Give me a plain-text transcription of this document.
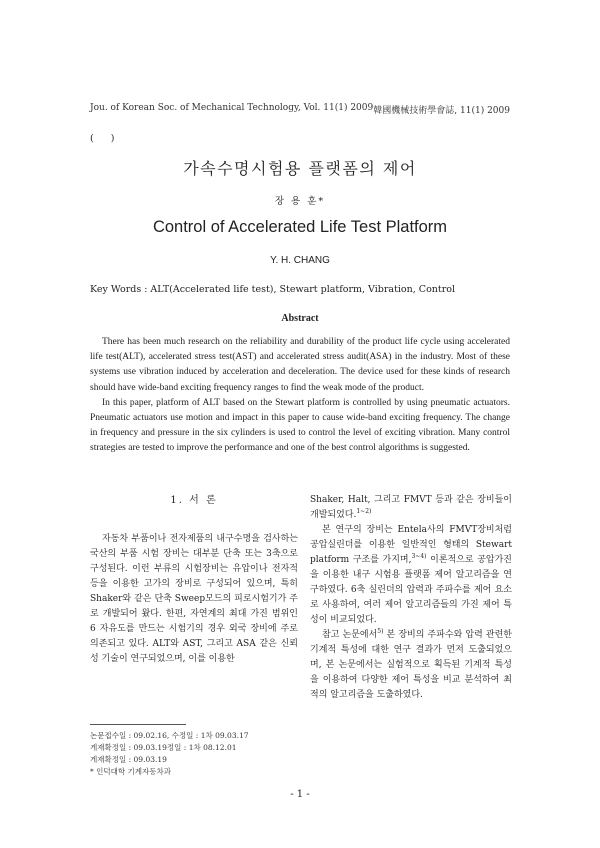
Jou. of Korean Soc. of Mechanical Technology, Vol. 11(1) 2009 韓國機械技術學會誌, 11(1) 2009
( )
가속수명시험용 플랫폼의 제어
장 용 훈*
Control of Accelerated Life Test Platform
Y. H. CHANG
Key Words : ALT(Accelerated life test), Stewart platform, Vibration, Control
Abstract

There has been much research on the reliability and durability of the product life cycle using accelerated life test(ALT), accelerated stress test(AST) and accelerated stress audit(ASA) in the industry. Most of these systems use vibration induced by acceleration and deceleration. The device used for these kinds of research should have wide-band exciting frequency ranges to find the weak mode of the product.

In this paper, platform of ALT based on the Stewart platform is controlled by using pneumatic actuators. Pneumatic actuators use motion and impact in this paper to cause wide-band exciting frequency. The change in frequency and pressure in the six cylinders is used to control the level of exciting vibration. Many control strategies are tested to improve the performance and one of the best control algorithms is suggested.

1. 서 론

자동차 부품이나 전자제품의 내구수명을 검사하는 국산의 부품 시험 장비는 대부분 단축 또는 3축으로 구성된다. 이런 부류의 시험장비는 유압이나 전자적 등을 이용한 고가의 장비로 구성되어 있으며, 특히 Shaker와 같은 단축 Sweep모드의 피로시험기가 주로 개발되어 왔다. 한편, 자연계의 최대 가진 범위인 6 자유도를 만드는 시험기의 경우 외국 장비에 주로 의존되고 있다. ALT와 AST, 그리고 ASA 같은 신뢰성 기술이 연구되었으며, 이를 이용한

Shaker, Halt, 그리고 FMVT 등과 같은 장비들이 개발되었다.$^{1\sim 2)}$

본 연구의 장비는 Entela사의 FMVT장비처럼 공압실린더를 이용한 일반적인 형태의 Stewart platform 구조를 가지며,$^{3\sim 4)}$ 이론적으로 공압가진을 이용한 내구 시험용 플랫폼 제어 알고리즘을 연구하였다. 6축 실린더의 압력과 주파수를 제어 요소로 사용하여, 여러 제어 알고리즘들의 가진 제어 특성이 비교되었다.

참고 논문에서$^{5)}$ 본 장비의 주파수와 압력 관련한 기계적 특성에 대한 연구 결과가 먼저 도출되었으며, 본 논문에서는 실험적으로 획득된 기계적 특성을 이용하여 다양한 제어 특성을 비교 분석하여 최적의 알고리즘을 도출하였다.

논문접수일 : 09.02.16, 수정일 : 1차 09.03.17
게재확정일 : 09.03.19정일 : 1차 08.12.01
게재확정일 : 09.03.19
* 인덕대학 기계자동차과
- 1 -
